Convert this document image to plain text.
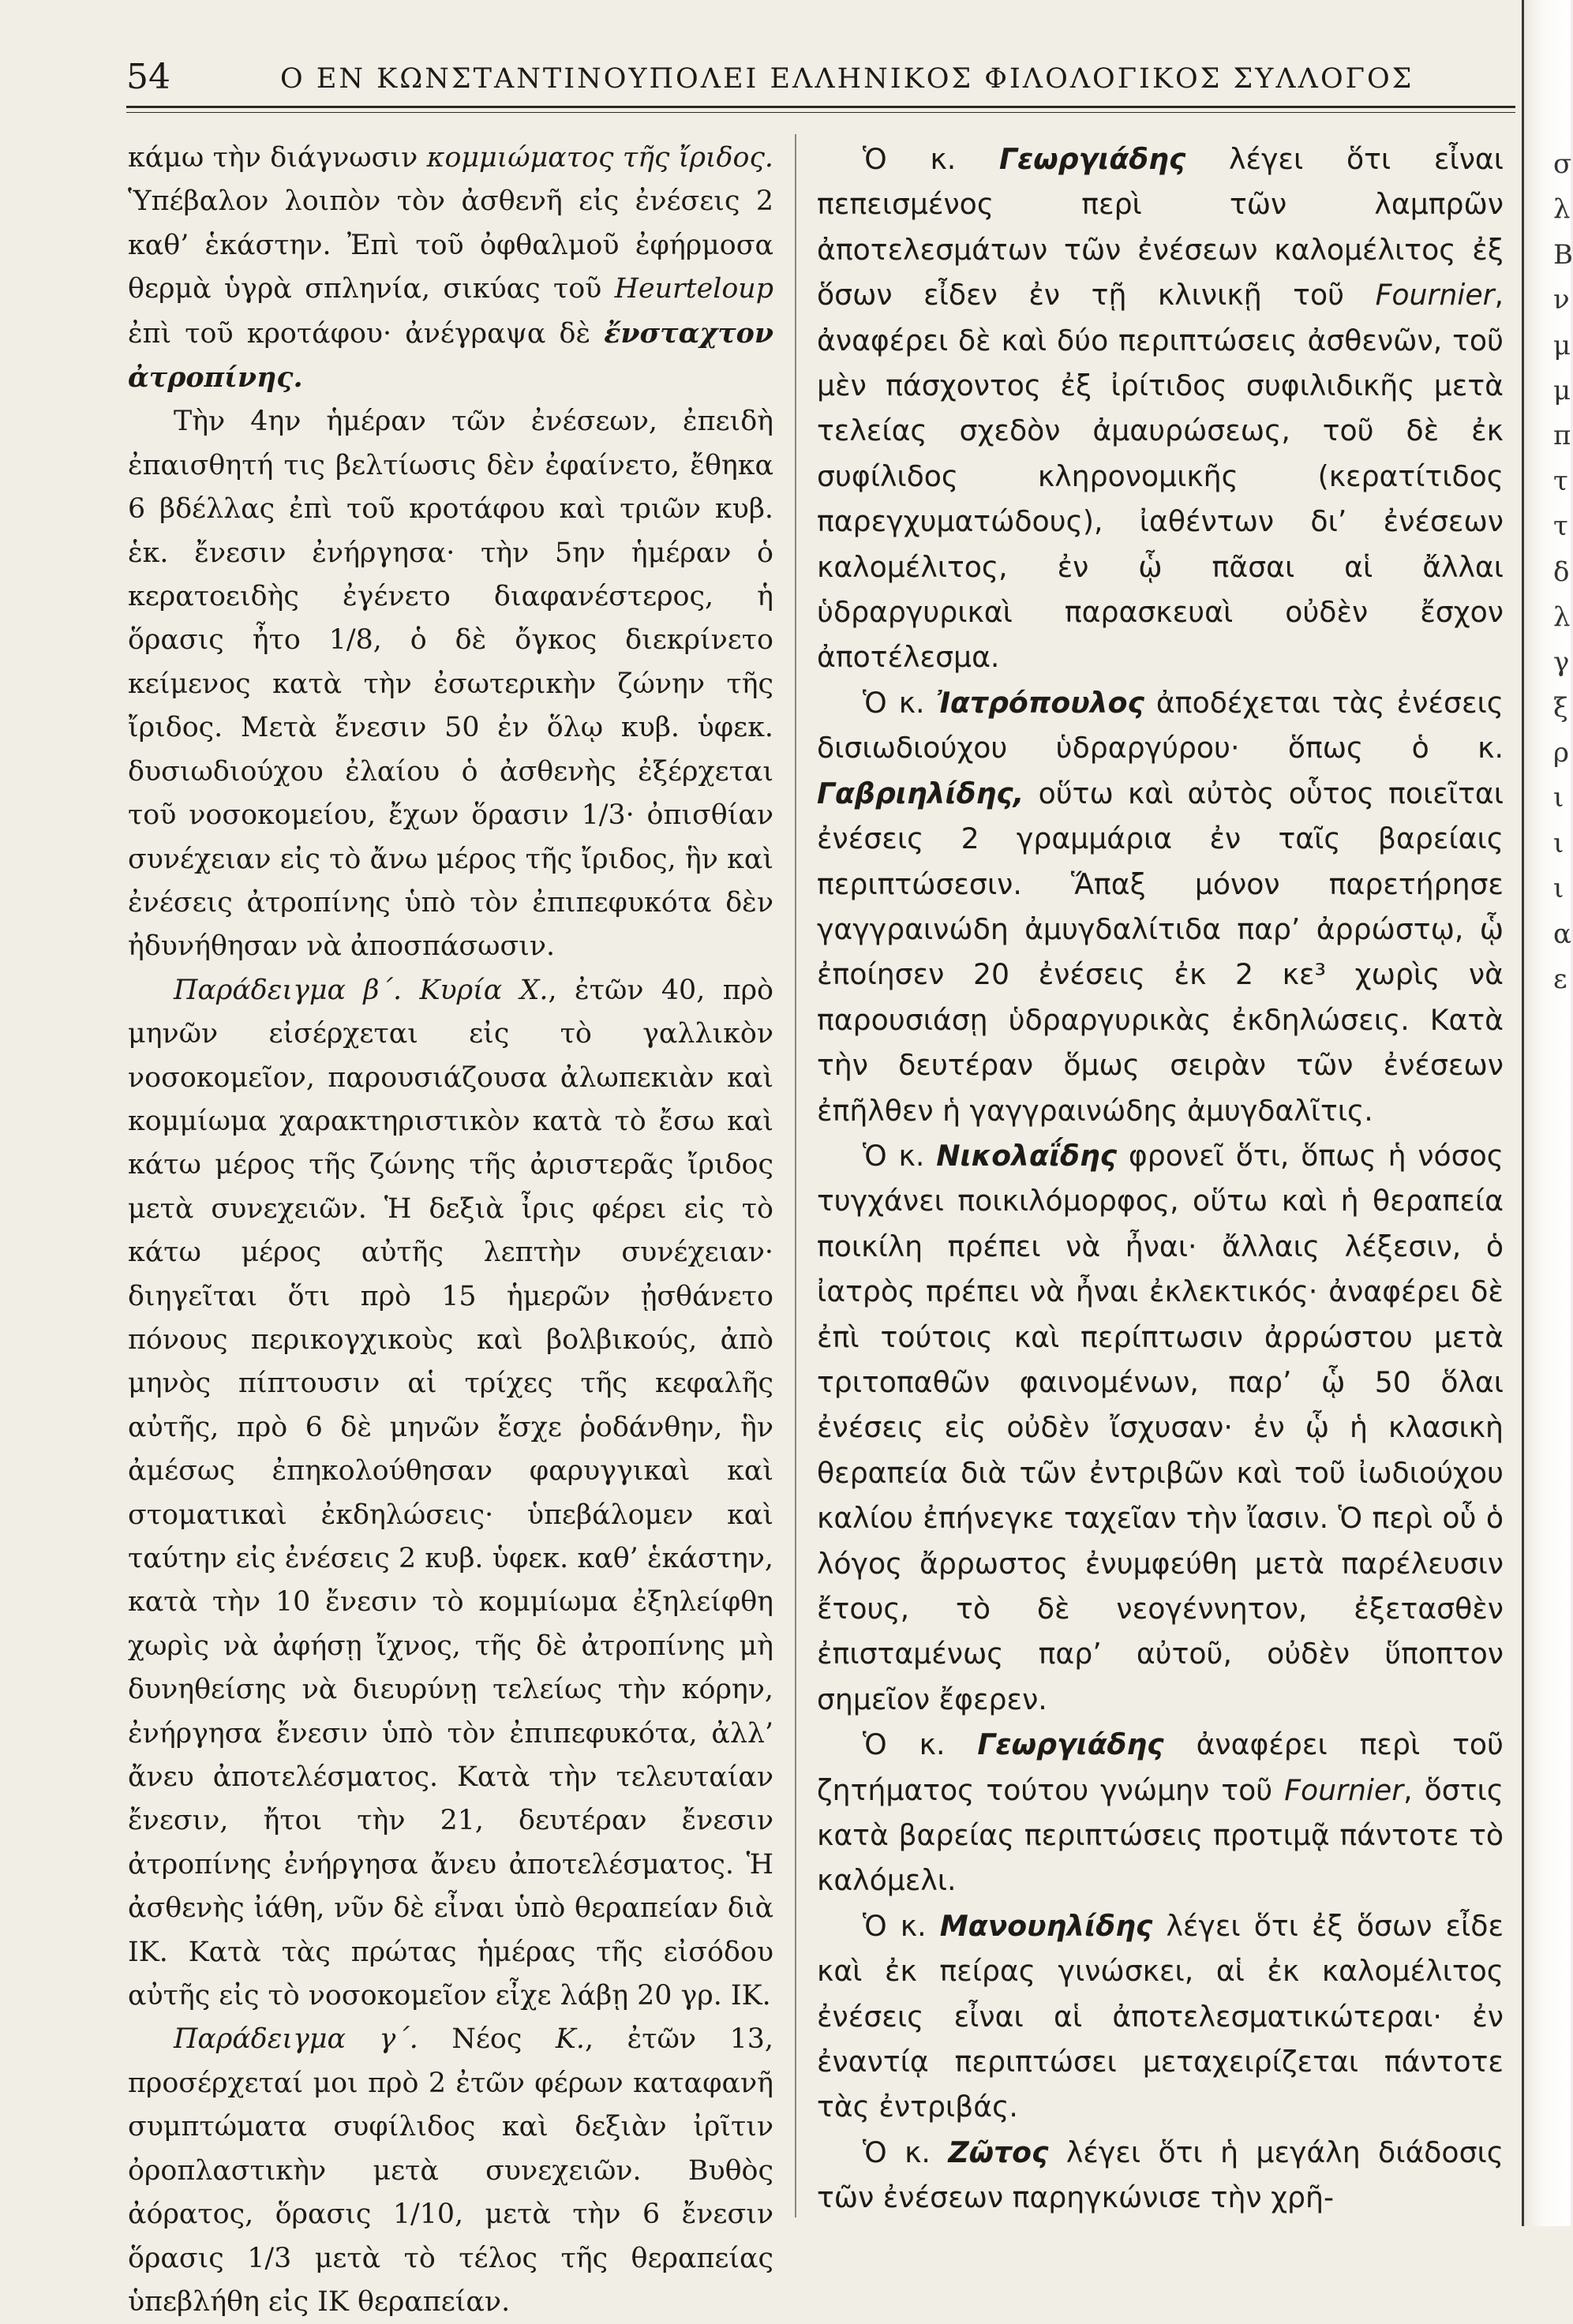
σ
λ
Β
ν
μ
μ
π
τ
τ
δ
λ
γ
ξ
ρ
ι
ι
ι
α
ε
54	Ο ΕΝ ΚΩΝΣΤΑΝΤΙΝΟΥΠΟΛΕΙ ΕΛΛΗΝΙΚΟΣ ΦΙΛΟΛΟΓΙΚΟΣ ΣΥΛΛΟΓΟΣ

κάμω τὴν διάγνωσιν κομμιώματος τῆς ἴριδος. Ὑπέβαλον λοιπὸν τὸν ἀσθενῆ εἰς ἐνέσεις 2 καθ’ ἑκάστην. Ἐπὶ τοῦ ὀφθαλμοῦ ἐφήρμοσα θερμὰ ὑγρὰ σπληνία, σικύας τοῦ Heurteloup ἐπὶ τοῦ κροτάφου· ἀνέγραψα δὲ ἔνσταχτον ἀτροπίνης.

Τὴν 4ην ἡμέραν τῶν ἐνέσεων, ἐπειδὴ ἐπαισθητή τις βελτίωσις δὲν ἐφαίνετο, ἔθηκα 6 βδέλλας ἐπὶ τοῦ κροτάφου καὶ τριῶν κυβ. ἑκ. ἔνεσιν ἐνήργησα· τὴν 5ην ἡμέραν ὁ κερατοειδὴς ἐγένετο διαφανέστερος, ἡ ὅρασις ἦτο 1/8, ὁ δὲ ὄγκος διεκρίνετο κείμενος κατὰ τὴν ἐσωτερικὴν ζώνην τῆς ἴριδος. Μετὰ ἔνεσιν 50 ἐν ὅλῳ κυβ. ὑφεκ. δυσιωδιούχου ἐλαίου ὁ ἀσθενὴς ἐξέρχεται τοῦ νοσοκομείου, ἔχων ὅρασιν 1/3· ὀπισθίαν συνέχειαν εἰς τὸ ἄνω μέρος τῆς ἴριδος, ἣν καὶ ἐνέσεις ἀτροπίνης ὑπὸ τὸν ἐπιπεφυκότα δὲν ἠδυνήθησαν νὰ ἀποσπάσωσιν.

Παράδειγμα β΄. Κυρία Χ., ἐτῶν 40, πρὸ μηνῶν εἰσέρχεται εἰς τὸ γαλλικὸν νοσοκομεῖον, παρουσιάζουσα ἀλωπεκιὰν καὶ κομμίωμα χαρακτηριστικὸν κατὰ τὸ ἔσω καὶ κάτω μέρος τῆς ζώνης τῆς ἀριστερᾶς ἴριδος μετὰ συνεχειῶν. Ἡ δεξιὰ ἶρις φέρει εἰς τὸ κάτω μέρος αὐτῆς λεπτὴν συνέχειαν· διηγεῖται ὅτι πρὸ 15 ἡμερῶν ᾐσθάνετο πόνους περικογχικοὺς καὶ βολβικούς, ἀπὸ μηνὸς πίπτουσιν αἱ τρίχες τῆς κεφαλῆς αὐτῆς, πρὸ 6 δὲ μηνῶν ἔσχε ῥοδάνθην, ἣν ἀμέσως ἐπηκολούθησαν φαρυγγικαὶ καὶ στοματικαὶ ἐκδηλώσεις· ὑπεβάλομεν καὶ ταύτην εἰς ἐνέσεις 2 κυβ. ὑφεκ. καθ’ ἑκάστην, κατὰ τὴν 10 ἔνεσιν τὸ κομμίωμα ἐξηλείφθη χωρὶς νὰ ἀφήσῃ ἴχνος, τῆς δὲ ἀτροπίνης μὴ δυνηθείσης νὰ διευρύνῃ τελείως τὴν κόρην, ἐνήργησα ἔνεσιν ὑπὸ τὸν ἐπιπεφυκότα, ἀλλ’ ἄνευ ἀποτελέσματος. Κατὰ τὴν τελευταίαν ἔνεσιν, ἤτοι τὴν 21, δευτέραν ἔνεσιν ἀτροπίνης ἐνήργησα ἄνευ ἀποτελέσματος. Ἡ ἀσθενὴς ἰάθη, νῦν δὲ εἶναι ὑπὸ θεραπείαν διὰ ΙΚ. Κατὰ τὰς πρώτας ἡμέρας τῆς εἰσόδου αὐτῆς εἰς τὸ νοσοκομεῖον εἶχε λάβῃ 20 γρ. ΙΚ.

Παράδειγμα γ΄. Νέος Κ., ἐτῶν 13, προσέρχεταί μοι πρὸ 2 ἐτῶν φέρων καταφανῆ συμπτώματα συφίλιδος καὶ δεξιὰν ἰρῖτιν ὀροπλαστικὴν μετὰ συνεχειῶν. Βυθὸς ἀόρατος, ὅρασις 1/10, μετὰ τὴν 6 ἔνεσιν ὅρασις 1/3 μετὰ τὸ τέλος τῆς θεραπείας ὑπεβλήθη εἰς ΙΚ θεραπείαν.

Ὁ κ. Γεωργιάδης λέγει ὅτι εἶναι πεπεισμένος περὶ τῶν λαμπρῶν ἀποτελεσμάτων τῶν ἐνέσεων καλομέλιτος ἐξ ὅσων εἶδεν ἐν τῇ κλινικῇ τοῦ Fournier, ἀναφέρει δὲ καὶ δύο περιπτώσεις ἀσθενῶν, τοῦ μὲν πάσχοντος ἐξ ἰρίτιδος συφιλιδικῆς μετὰ τελείας σχεδὸν ἀμαυρώσεως, τοῦ δὲ ἐκ συφίλιδος κληρονομικῆς (κερατίτιδος παρεγχυματώδους), ἰαθέντων δι’ ἐνέσεων καλομέλιτος, ἐν ᾧ πᾶσαι αἱ ἄλλαι ὑδραργυρικαὶ παρασκευαὶ οὐδὲν ἔσχον ἀποτέλεσμα.

Ὁ κ. Ἰατρόπουλος ἀποδέχεται τὰς ἐνέσεις δισιωδιούχου ὑδραργύρου· ὅπως ὁ κ. Γαβριηλίδης, οὕτω καὶ αὐτὸς οὗτος ποιεῖται ἐνέσεις 2 γραμμάρια ἐν ταῖς βαρείαις περιπτώσεσιν. Ἅπαξ μόνον παρετήρησε γαγγραινώδη ἀμυγδαλίτιδα παρ’ ἀρρώστῳ, ᾧ ἐποίησεν 20 ἐνέσεις ἐκ 2 κε³ χωρὶς νὰ παρουσιάσῃ ὑδραργυρικὰς ἐκδηλώσεις. Κατὰ τὴν δευτέραν ὅμως σειρὰν τῶν ἐνέσεων ἐπῆλθεν ἡ γαγγραινώδης ἀμυγδαλῖτις.

Ὁ κ. Νικολαΐδης φρονεῖ ὅτι, ὅπως ἡ νόσος τυγχάνει ποικιλόμορφος, οὕτω καὶ ἡ θεραπεία ποικίλη πρέπει νὰ ἦναι· ἄλλαις λέξεσιν, ὁ ἰατρὸς πρέπει νὰ ἦναι ἐκλεκτικός· ἀναφέρει δὲ ἐπὶ τούτοις καὶ περίπτωσιν ἀρρώστου μετὰ τριτοπαθῶν φαινομένων, παρ’ ᾧ 50 ὅλαι ἐνέσεις εἰς οὐδὲν ἴσχυσαν· ἐν ᾧ ἡ κλασικὴ θεραπεία διὰ τῶν ἐντριβῶν καὶ τοῦ ἰωδιούχου καλίου ἐπήνεγκε ταχεῖαν τὴν ἴασιν. Ὁ περὶ οὗ ὁ λόγος ἄρρωστος ἐνυμφεύθη μετὰ παρέλευσιν ἔτους, τὸ δὲ νεογέννητον, ἐξετασθὲν ἐπισταμένως παρ’ αὐτοῦ, οὐδὲν ὕποπτον σημεῖον ἔφερεν.

Ὁ κ. Γεωργιάδης ἀναφέρει περὶ τοῦ ζητήματος τούτου γνώμην τοῦ Fournier, ὅστις κατὰ βαρείας περιπτώσεις προτιμᾷ πάντοτε τὸ καλόμελι.

Ὁ κ. Μανουηλίδης λέγει ὅτι ἐξ ὅσων εἶδε καὶ ἐκ πείρας γινώσκει, αἱ ἐκ καλομέλιτος ἐνέσεις εἶναι αἱ ἀποτελεσματικώτεραι· ἐν ἐναντίᾳ περιπτώσει μεταχειρίζεται πάντοτε τὰς ἐντριβάς.

Ὁ κ. Ζῶτος λέγει ὅτι ἡ μεγάλη διάδοσις τῶν ἐνέσεων παρηγκώνισε τὴν χρῆ-
